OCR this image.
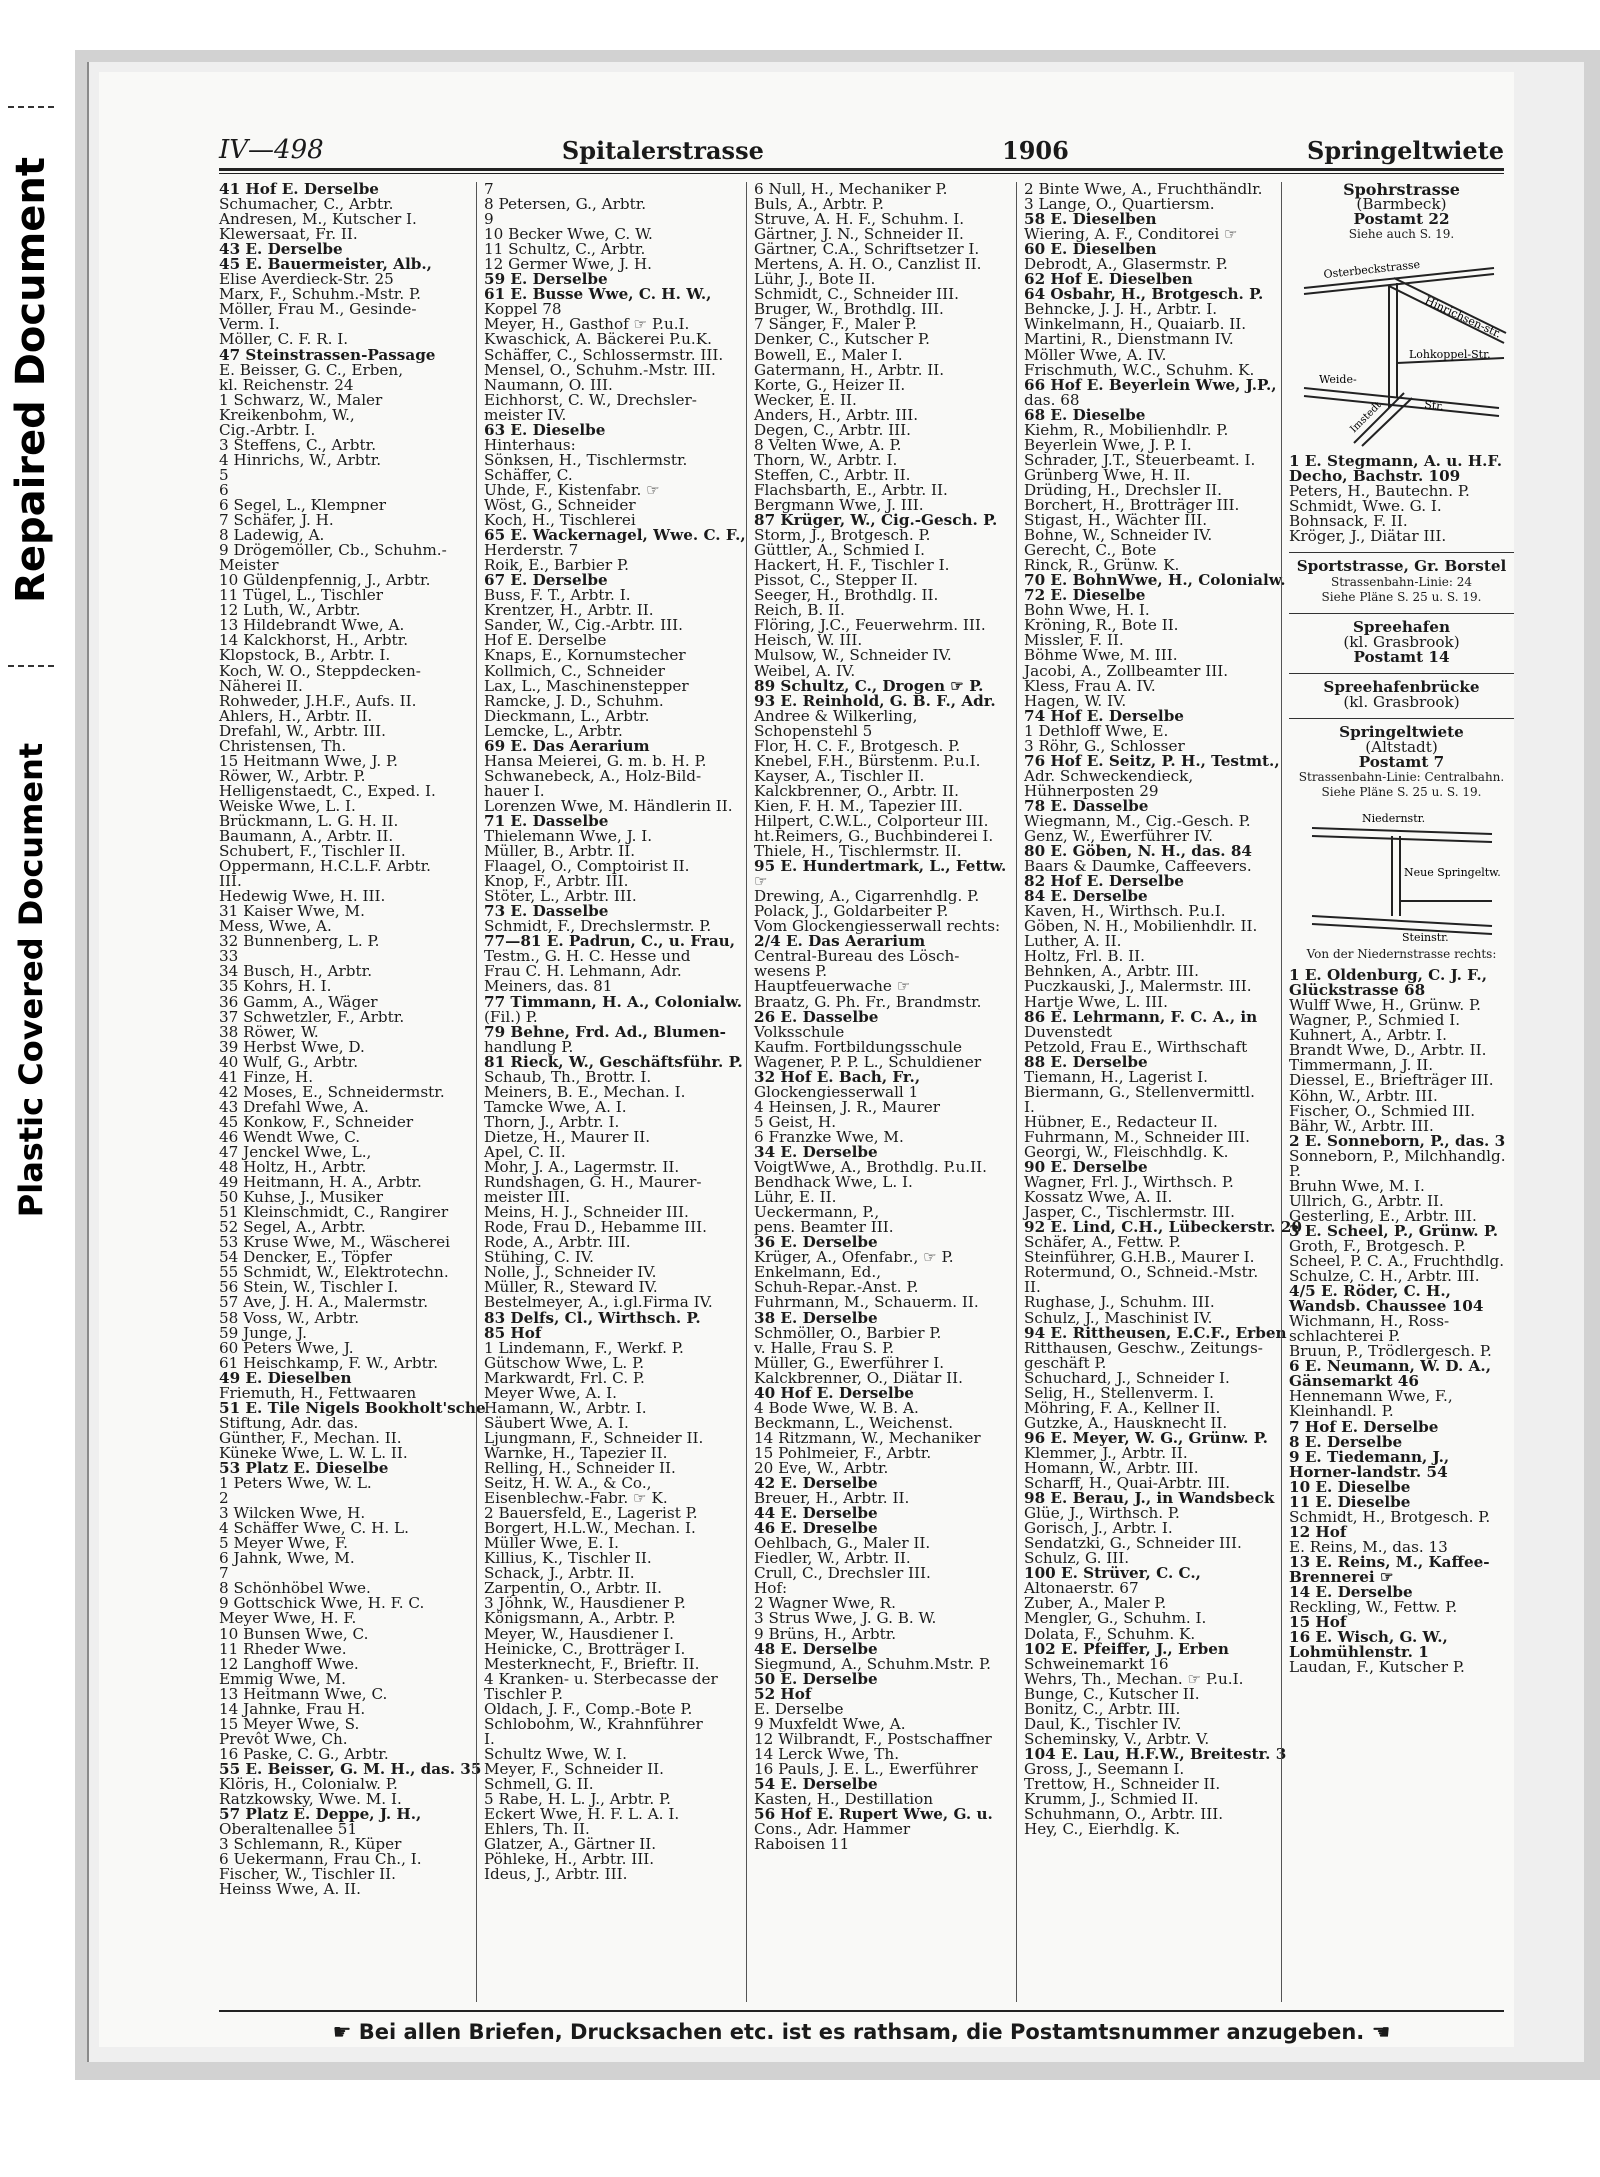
Repaired Document
Plastic Covered Document
IV—498	Spitalerstrasse	1906	Springeltwiete
41 Hof E. Derselbe
Schumacher, C., Arbtr.
Andresen, M., Kutscher I.
Klewersaat, Fr. II.
43 E. Derselbe
45 E. Bauermeister, Alb.,
Elise Averdieck-Str. 25
Marx, F., Schuhm.-Mstr. P.
Möller, Frau M., Gesinde-
Verm. I.
Möller, C. F. R. I.
47 Steinstrassen-Passage
E. Beisser, G. C., Erben,
kl. Reichenstr. 24
1 Schwarz, W., Maler
Kreikenbohm, W.,
Cig.-Arbtr. I.
3 Steffens, C., Arbtr.
4 Hinrichs, W., Arbtr.
5
6
6 Segel, L., Klempner
7 Schäfer, J. H.
8 Ladewig, A.
9 Drögemöller, Cb., Schuhm.-
Meister
10 Güldenpfennig, J., Arbtr.
11 Tügel, L., Tischler
12 Luth, W., Arbtr.
13 Hildebrandt Wwe, A.
14 Kalckhorst, H., Arbtr.
Klopstock, B., Arbtr. I.
Koch, W. O., Steppdecken-
Näherei II.
Rohweder, J.H.F., Aufs. II.
Ahlers, H., Arbtr. II.
Drefahl, W., Arbtr. III.
Christensen, Th.
15 Heitmann Wwe, J. P.
Röwer, W., Arbtr. P.
Helligenstaedt, C., Exped. I.
Weiske Wwe, L. I.
Brückmann, L. G. H. II.
Baumann, A., Arbtr. II.
Schubert, F., Tischler II.
Oppermann, H.C.L.F. Arbtr.
III.
Hedewig Wwe, H. III.
31 Kaiser Wwe, M.
Mess, Wwe, A.
32 Bunnenberg, L. P.
33
34 Busch, H., Arbtr.
35 Kohrs, H. I.
36 Gamm, A., Wäger
37 Schwetzler, F., Arbtr.
38 Röwer, W.
39 Herbst Wwe, D.
40 Wulf, G., Arbtr.
41 Finze, H.
42 Moses, E., Schneidermstr.
43 Drefahl Wwe, A.
45 Konkow, F., Schneider
46 Wendt Wwe, C.
47 Jenckel Wwe, L.,
48 Holtz, H., Arbtr.
49 Heitmann, H. A., Arbtr.
50 Kuhse, J., Musiker
51 Kleinschmidt, C., Rangirer
52 Segel, A., Arbtr.
53 Kruse Wwe, M., Wäscherei
54 Dencker, E., Töpfer
55 Schmidt, W., Elektrotechn.
56 Stein, W., Tischler I.
57 Ave, J. H. A., Malermstr.
58 Voss, W., Arbtr.
59 Junge, J.
60 Peters Wwe, J.
61 Heischkamp, F. W., Arbtr.
49 E. Dieselben
Friemuth, H., Fettwaaren
51 E. Tile Nigels Bookholt'sche
Stiftung, Adr. das.
Günther, F., Mechan. II.
Küneke Wwe, L. W. L. II.
53 Platz E. Dieselbe
1 Peters Wwe, W. L.
2
3 Wilcken Wwe, H.
4 Schäffer Wwe, C. H. L.
5 Meyer Wwe, F.
6 Jahnk, Wwe, M.
7
8 Schönhöbel Wwe.
9 Gottschick Wwe, H. F. C.
Meyer Wwe, H. F.
10 Bunsen Wwe, C.
11 Rheder Wwe.
12 Langhoff Wwe.
Emmig Wwe, M.
13 Heitmann Wwe, C.
14 Jahnke, Frau H.
15 Meyer Wwe, S.
Prevôt Wwe, Ch.
16 Paske, C. G., Arbtr.
55 E. Beisser, G. M. H., das. 35
Klöris, H., Colonialw. P.
Ratzkowsky, Wwe. M. I.
57 Platz E. Deppe, J. H.,
Oberaltenallee 51
3 Schlemann, R., Küper
6 Uekermann, Frau Ch., I.
Fischer, W., Tischler II.
Heinss Wwe, A. II.
7
8 Petersen, G., Arbtr.
9
10 Becker Wwe, C. W.
11 Schultz, C., Arbtr.
12 Germer Wwe, J. H.
59 E. Derselbe
61 E. Busse Wwe, C. H. W.,
Koppel 78
Meyer, H., Gasthof ☞ P.u.I.
Kwaschick, A. Bäckerei P.u.K.
Schäffer, C., Schlossermstr. III.
Mensel, O., Schuhm.-Mstr. III.
Naumann, O. III.
Eichhorst, C. W., Drechsler-
meister IV.
63 E. Dieselbe
Hinterhaus:
Sönksen, H., Tischlermstr.
Schäffer, C.
Uhde, F., Kistenfabr. ☞
Wöst, G., Schneider
Koch, H., Tischlerei
65 E. Wackernagel, Wwe. C. F.,
Herderstr. 7
Roik, E., Barbier P.
67 E. Derselbe
Buss, F. T., Arbtr. I.
Krentzer, H., Arbtr. II.
Sander, W., Cig.-Arbtr. III.
Hof E. Derselbe
Knaps, E., Kornumstecher
Kollmich, C., Schneider
Lax, L., Maschinenstepper
Ramcke, J. D., Schuhm.
Dieckmann, L., Arbtr.
Lemcke, L., Arbtr.
69 E. Das Aerarium
Hansa Meierei, G. m. b. H. P.
Schwanebeck, A., Holz-Bild-
hauer I.
Lorenzen Wwe, M. Händlerin II.
71 E. Dasselbe
Thielemann Wwe, J. I.
Müller, B., Arbtr. II.
Flaagel, O., Comptoirist II.
Knop, F., Arbtr. III.
Stöter, L., Arbtr. III.
73 E. Dasselbe
Schmidt, F., Drechslermstr. P.
77—81 E. Padrun, C., u. Frau,
Testm., G. H. C. Hesse und
Frau C. H. Lehmann, Adr.
Meiners, das. 81
77 Timmann, H. A., Colonialw.
(Fil.) P.
79 Behne, Frd. Ad., Blumen-
handlung P.
81 Rieck, W., Geschäftsführ. P.
Schaub, Th., Brottr. I.
Meiners, B. E., Mechan. I.
Tamcke Wwe, A. I.
Thorn, J., Arbtr. I.
Dietze, H., Maurer II.
Apel, C. II.
Mohr, J. A., Lagermstr. II.
Rundshagen, G. H., Maurer-
meister III.
Meins, H. J., Schneider III.
Rode, Frau D., Hebamme III.
Rode, A., Arbtr. III.
Stühing, C. IV.
Nolle, J., Schneider IV.
Müller, R., Steward IV.
Bestelmeyer, A., i.gl.Firma IV.
83 Delfs, Cl., Wirthsch. P.
85 Hof
1 Lindemann, F., Werkf. P.
Gütschow Wwe, L. P.
Markwardt, Frl. C. P.
Meyer Wwe, A. I.
Hamann, W., Arbtr. I.
Säubert Wwe, A. I.
Ljungmann, F., Schneider II.
Warnke, H., Tapezier II.
Relling, H., Schneider II.
Seitz, H. W. A., & Co.,
Eisenblechw.-Fabr. ☞ K.
2 Bauersfeld, E., Lagerist P.
Borgert, H.L.W., Mechan. I.
Müller Wwe, E. I.
Killius, K., Tischler II.
Schack, J., Arbtr. II.
Zarpentin, O., Arbtr. II.
3 Jöhnk, W., Hausdiener P.
Königsmann, A., Arbtr. P.
Meyer, W., Hausdiener I.
Heinicke, C., Brotträger I.
Mesterknecht, F., Brieftr. II.
4 Kranken- u. Sterbecasse der
Tischler P.
Oldach, J. F., Comp.-Bote P.
Schlobohm, W., Krahnführer
I.
Schultz Wwe, W. I.
Meyer, F., Schneider II.
Schmell, G. II.
5 Rabe, H. L. J., Arbtr. P.
Eckert Wwe, H. F. L. A. I.
Ehlers, Th. II.
Glatzer, A., Gärtner II.
Pöhleke, H., Arbtr. III.
Ideus, J., Arbtr. III.
6 Null, H., Mechaniker P.
Buls, A., Arbtr. P.
Struve, A. H. F., Schuhm. I.
Gärtner, J. N., Schneider II.
Gärtner, C.A., Schriftsetzer I.
Mertens, A. H. O., Canzlist II.
Lühr, J., Bote II.
Schmidt, C., Schneider III.
Bruger, W., Brothdlg. III.
7 Sänger, F., Maler P.
Denker, C., Kutscher P.
Bowell, E., Maler I.
Gatermann, H., Arbtr. II.
Korte, G., Heizer II.
Wecker, E. II.
Anders, H., Arbtr. III.
Degen, C., Arbtr. III.
8 Velten Wwe, A. P.
Thorn, W., Arbtr. I.
Steffen, C., Arbtr. II.
Flachsbarth, E., Arbtr. II.
Bergmann Wwe, J. III.
87 Krüger, W., Cig.-Gesch. P.
Storm, J., Brotgesch. P.
Güttler, A., Schmied I.
Hackert, H. F., Tischler I.
Pissot, C., Stepper II.
Seeger, H., Brothdlg. II.
Reich, B. II.
Flöring, J.C., Feuerwehrm. III.
Heisch, W. III.
Mulsow, W., Schneider IV.
Weibel, A. IV.
89 Schultz, C., Drogen ☞ P.
93 E. Reinhold, G. B. F., Adr.
Andree & Wilkerling,
Schopenstehl 5
Flor, H. C. F., Brotgesch. P.
Knebel, F.H., Bürstenm. P.u.I.
Kayser, A., Tischler II.
Kalckbrenner, O., Arbtr. II.
Kien, F. H. M., Tapezier III.
Hilpert, C.W.L., Colporteur III.
ht.Reimers, G., Buchbinderei I.
Thiele, H., Tischlermstr. II.
95 E. Hundertmark, L., Fettw.
☞
Drewing, A., Cigarrenhdlg. P.
Polack, J., Goldarbeiter P.
Vom Glockengiesserwall rechts:
2/4 E. Das Aerarium
Central-Bureau des Lösch-
wesens P.
Hauptfeuerwache ☞
Braatz, G. Ph. Fr., Brandmstr.
26 E. Dasselbe
Volksschule
Kaufm. Fortbildungsschule
Wagener, P. P. L., Schuldiener
32 Hof E. Bach, Fr.,
Glockengiesserwall 1
4 Heinsen, J. R., Maurer
5 Geist, H.
6 Franzke Wwe, M.
34 E. Derselbe
VoigtWwe, A., Brothdlg. P.u.II.
Bendhack Wwe, L. I.
Lühr, E. II.
Ueckermann, P.,
pens. Beamter III.
36 E. Derselbe
Krüger, A., Ofenfabr., ☞ P.
Enkelmann, Ed.,
Schuh-Repar.-Anst. P.
Fuhrmann, M., Schauerm. II.
38 E. Derselbe
Schmöller, O., Barbier P.
v. Halle, Frau S. P.
Müller, G., Ewerführer I.
Kalckbrenner, O., Diätar II.
40 Hof E. Derselbe
4 Bode Wwe, W. B. A.
Beckmann, L., Weichenst.
14 Ritzmann, W., Mechaniker
15 Pohlmeier, F., Arbtr.
20 Eve, W., Arbtr.
42 E. Derselbe
Breuer, H., Arbtr. II.
44 E. Derselbe
46 E. Dreselbe
Oehlbach, G., Maler II.
Fiedler, W., Arbtr. II.
Crull, C., Drechsler III.
Hof:
2 Wagner Wwe, R.
3 Strus Wwe, J. G. B. W.
9 Brüns, H., Arbtr.
48 E. Derselbe
Siegmund, A., Schuhm.Mstr. P.
50 E. Derselbe
52 Hof
E. Derselbe
9 Muxfeldt Wwe, A.
12 Wilbrandt, F., Postschaffner
14 Lerck Wwe, Th.
16 Pauls, J. E. L., Ewerführer
54 E. Derselbe
Kasten, H., Destillation
56 Hof E. Rupert Wwe, G. u.
Cons., Adr. Hammer
Raboisen 11
2 Binte Wwe, A., Fruchthändlr.
3 Lange, O., Quartiersm.
58 E. Dieselben
Wiering, A. F., Conditorei ☞
60 E. Dieselben
Debrodt, A., Glasermstr. P.
62 Hof E. Dieselben
64 Osbahr, H., Brotgesch. P.
Behncke, J. J. H., Arbtr. I.
Winkelmann, H., Quaiarb. II.
Martini, R., Dienstmann IV.
Möller Wwe, A. IV.
Frischmuth, W.C., Schuhm. K.
66 Hof E. Beyerlein Wwe, J.P.,
das. 68
68 E. Dieselbe
Kiehm, R., Mobilienhdlr. P.
Beyerlein Wwe, J. P. I.
Schrader, J.T., Steuerbeamt. I.
Grünberg Wwe, H. II.
Drüding, H., Drechsler II.
Borchert, H., Brotträger III.
Stigast, H., Wächter III.
Bohne, W., Schneider IV.
Gerecht, C., Bote
Rinck, R., Grünw. K.
70 E. BohnWwe, H., Colonialw.
72 E. Dieselbe
Bohn Wwe, H. I.
Kröning, R., Bote II.
Missler, F. II.
Böhme Wwe, M. III.
Jacobi, A., Zollbeamter III.
Kless, Frau A. IV.
Hagen, W. IV.
74 Hof E. Derselbe
1 Dethloff Wwe, E.
3 Röhr, G., Schlosser
76 Hof E. Seitz, P. H., Testmt.,
Adr. Schweckendieck,
Hühnerposten 29
78 E. Dasselbe
Wiegmann, M., Cig.-Gesch. P.
Genz, W., Ewerführer IV.
80 E. Göben, N. H., das. 84
Baars & Daumke, Caffeevers.
82 Hof E. Derselbe
84 E. Derselbe
Kaven, H., Wirthsch. P.u.I.
Göben, N. H., Mobilienhdlr. II.
Luther, A. II.
Holtz, Frl. B. II.
Behnken, A., Arbtr. III.
Puczkauski, J., Malermstr. III.
Hartje Wwe, L. III.
86 E. Lehrmann, F. C. A., in
Duvenstedt
Petzold, Frau E., Wirthschaft
88 E. Derselbe
Tiemann, H., Lagerist I.
Biermann, G., Stellenvermittl.
I.
Hübner, E., Redacteur II.
Fuhrmann, M., Schneider III.
Georgi, W., Fleischhdlg. K.
90 E. Derselbe
Wagner, Frl. J., Wirthsch. P.
Kossatz Wwe, A. II.
Jasper, C., Tischlermstr. III.
92 E. Lind, C.H., Lübeckerstr. 20
Schäfer, A., Fettw. P.
Steinführer, G.H.B., Maurer I.
Rotermund, O., Schneid.-Mstr.
II.
Rughase, J., Schuhm. III.
Schulz, J., Maschinist IV.
94 E. Rittheusen, E.C.F., Erben
Ritthausen, Geschw., Zeitungs-
geschäft P.
Schuchard, J., Schneider I.
Selig, H., Stellenverm. I.
Möhring, F. A., Kellner II.
Gutzke, A., Hausknecht II.
96 E. Meyer, W. G., Grünw. P.
Klemmer, J., Arbtr. II.
Homann, W., Arbtr. III.
Scharff, H., Quai-Arbtr. III.
98 E. Berau, J., in Wandsbeck
Glüe, J., Wirthsch. P.
Gorisch, J., Arbtr. I.
Sendatzki, G., Schneider III.
Schulz, G. III.
100 E. Strüver, C. C.,
Altonaerstr. 67
Zuber, A., Maler P.
Mengler, G., Schuhm. I.
Dolata, F., Schuhm. K.
102 E. Pfeiffer, J., Erben
Schweinemarkt 16
Wehrs, Th., Mechan. ☞ P.u.I.
Bunge, C., Kutscher II.
Bonitz, C., Arbtr. III.
Daul, K., Tischler IV.
Scheminsky, V., Arbtr. V.
104 E. Lau, H.F.W., Breitestr. 3
Gross, J., Seemann I.
Trettow, H., Schneider II.
Krumm, J., Schmied II.
Schuhmann, O., Arbtr. III.
Hey, C., Eierhdlg. K.
Spohrstrasse
(Barmbeck)
Postamt 22
Siehe auch S. 19.
Osterbeckstrasse
Hinrichsen-str.
Lohkoppel-Str.
Weide-
Str.
Imstedt
1 E. Stegmann, A. u. H.F. Decho, Bachstr. 109
Peters, H., Bautechn. P.
Schmidt, Wwe. G. I.
Bohnsack, F. II.
Kröger, J., Diätar III.
Sportstrasse, Gr. Borstel
Strassenbahn-Linie: 24
Siehe Pläne S. 25 u. S. 19.
Spreehafen
(kl. Grasbrook)
Postamt 14
Spreehafenbrücke
(kl. Grasbrook)
Springeltwiete
(Altstadt)
Postamt 7
Strassenbahn-Linie: Centralbahn.
Siehe Pläne S. 25 u. S. 19.
Niedernstr.
Neue Springeltw.
Steinstr.
Von der Niedernstrasse rechts:
1 E. Oldenburg, C. J. F., Glückstrasse 68
Wulff Wwe, H., Grünw. P.
Wagner, P., Schmied I.
Kuhnert, A., Arbtr. I.
Brandt Wwe, D., Arbtr. II.
Timmermann, J. II.
Diessel, E., Briefträger III.
Köhn, W., Arbtr. III.
Fischer, O., Schmied III.
Bähr, W., Arbtr. III.
2 E. Sonneborn, P., das. 3
Sonneborn, P., Milchhandlg. P.
Bruhn Wwe, M. I.
Ullrich, G., Arbtr. II.
Gesterling, E., Arbtr. III.
3 E. Scheel, P., Grünw. P.
Groth, F., Brotgesch. P.
Scheel, P. C. A., Fruchthdlg.
Schulze, C. H., Arbtr. III.
4/5 E. Röder, C. H., Wandsb. Chaussee 104
Wichmann, H., Ross-schlachterei P.
Bruun, P., Trödlergesch. P.
6 E. Neumann, W. D. A., Gänsemarkt 46
Hennemann Wwe, F., Kleinhandl. P.
7 Hof E. Derselbe
8 E. Derselbe
9 E. Tiedemann, J., Horner-landstr. 54
10 E. Dieselbe
11 E. Dieselbe
Schmidt, H., Brotgesch. P.
12 Hof
E. Reins, M., das. 13
13 E. Reins, M., Kaffee-Brennerei ☞
14 E. Derselbe
Reckling, W., Fettw. P.
15 Hof
16 E. Wisch, G. W., Lohmühlenstr. 1
Laudan, F., Kutscher P.
☛ Bei allen Briefen, Drucksachen etc. ist es rathsam, die Postamtsnummer anzugeben. ☚
